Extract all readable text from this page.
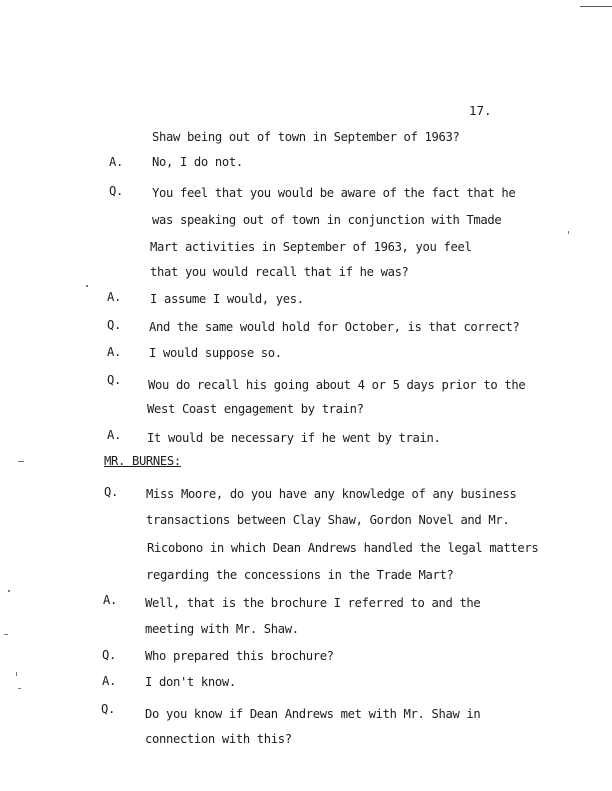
17.
Shaw being out of town in September of 1963?
A. No, I do not.
Q. You feel that you would be aware of the fact that he
was speaking out of town in conjunction with Tmade
Mart activities in September of 1963, you feel
that you would recall that if he was?
A. I assume I would, yes.
Q. And the same would hold for October, is that correct?
A. I would suppose so.
Q. Wou do recall his going about 4 or 5 days prior to the
West Coast engagement by train?
A. It would be necessary if he went by train.
MR. BURNES:
Q. Miss Moore, do you have any knowledge of any business
transactions between Clay Shaw, Gordon Novel and Mr.
Ricobono in which Dean Andrews handled the legal matters
regarding the concessions in the Trade Mart?
A. Well, that is the brochure I referred to and the
meeting with Mr. Shaw.
Q. Who prepared this brochure?
A. I don't know.
Q. Do you know if Dean Andrews met with Mr. Shaw in
connection with this?
